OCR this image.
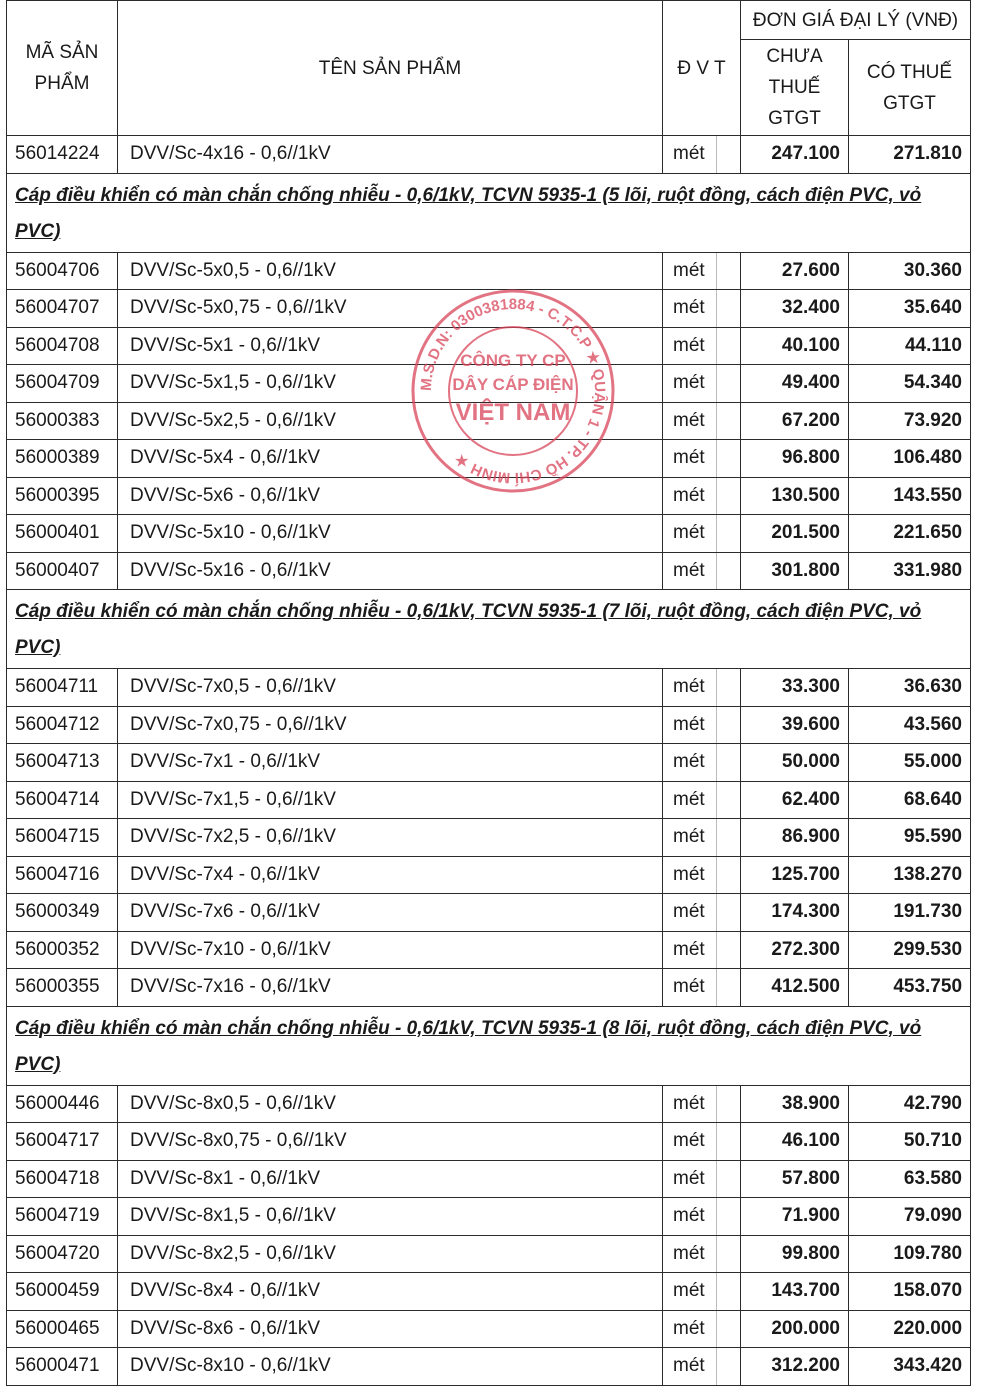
MÃ SẢN PHẨM	TÊN SẢN PHẨM	Đ V T		ĐƠN GIÁ ĐẠI LÝ (VNĐ)	
				CHƯA THUẾ GTGT	CÓ THUẾ GTGT
56014224	DVV/Sc-4x16 - 0,6//1kV	mét		247.100	271.810
Cáp điều khiển có màn chắn chống nhiễu - 0,6/1kV, TCVN 5935-1 (5 lõi, ruột đồng, cách điện PVC, vỏ PVC)					
56004706	DVV/Sc-5x0,5 - 0,6//1kV	mét		27.600	30.360
56004707	DVV/Sc-5x0,75 - 0,6//1kV	mét		32.400	35.640
56004708	DVV/Sc-5x1 - 0,6//1kV	mét		40.100	44.110
56004709	DVV/Sc-5x1,5 - 0,6//1kV	mét		49.400	54.340
56000383	DVV/Sc-5x2,5 - 0,6//1kV	mét		67.200	73.920
56000389	DVV/Sc-5x4 - 0,6//1kV	mét		96.800	106.480
56000395	DVV/Sc-5x6 - 0,6//1kV	mét		130.500	143.550
56000401	DVV/Sc-5x10 - 0,6//1kV	mét		201.500	221.650
56000407	DVV/Sc-5x16 - 0,6//1kV	mét		301.800	331.980
Cáp điều khiển có màn chắn chống nhiễu - 0,6/1kV, TCVN 5935-1 (7 lõi, ruột đồng, cách điện PVC, vỏ PVC)					
56004711	DVV/Sc-7x0,5 - 0,6//1kV	mét		33.300	36.630
56004712	DVV/Sc-7x0,75 - 0,6//1kV	mét		39.600	43.560
56004713	DVV/Sc-7x1 - 0,6//1kV	mét		50.000	55.000
56004714	DVV/Sc-7x1,5 - 0,6//1kV	mét		62.400	68.640
56004715	DVV/Sc-7x2,5 - 0,6//1kV	mét		86.900	95.590
56004716	DVV/Sc-7x4 - 0,6//1kV	mét		125.700	138.270
56000349	DVV/Sc-7x6 - 0,6//1kV	mét		174.300	191.730
56000352	DVV/Sc-7x10 - 0,6//1kV	mét		272.300	299.530
56000355	DVV/Sc-7x16 - 0,6//1kV	mét		412.500	453.750
Cáp điều khiển có màn chắn chống nhiễu - 0,6/1kV, TCVN 5935-1 (8 lõi, ruột đồng, cách điện PVC, vỏ PVC)					
56000446	DVV/Sc-8x0,5 - 0,6//1kV	mét		38.900	42.790
56004717	DVV/Sc-8x0,75 - 0,6//1kV	mét		46.100	50.710
56004718	DVV/Sc-8x1 - 0,6//1kV	mét		57.800	63.580
56004719	DVV/Sc-8x1,5 - 0,6//1kV	mét		71.900	79.090
56004720	DVV/Sc-8x2,5 - 0,6//1kV	mét		99.800	109.780
56000459	DVV/Sc-8x4 - 0,6//1kV	mét		143.700	158.070
56000465	DVV/Sc-8x6 - 0,6//1kV	mét		200.000	220.000
56000471	DVV/Sc-8x10 - 0,6//1kV	mét		312.200	343.420
M.S.D.N: 0300381884 - C.T.C.P ★ QUẬN 1 - TP. HỒ CHÍ MINH ★
CÔNG TY CP
DÂY CÁP ĐIỆN
VIỆT NAM
